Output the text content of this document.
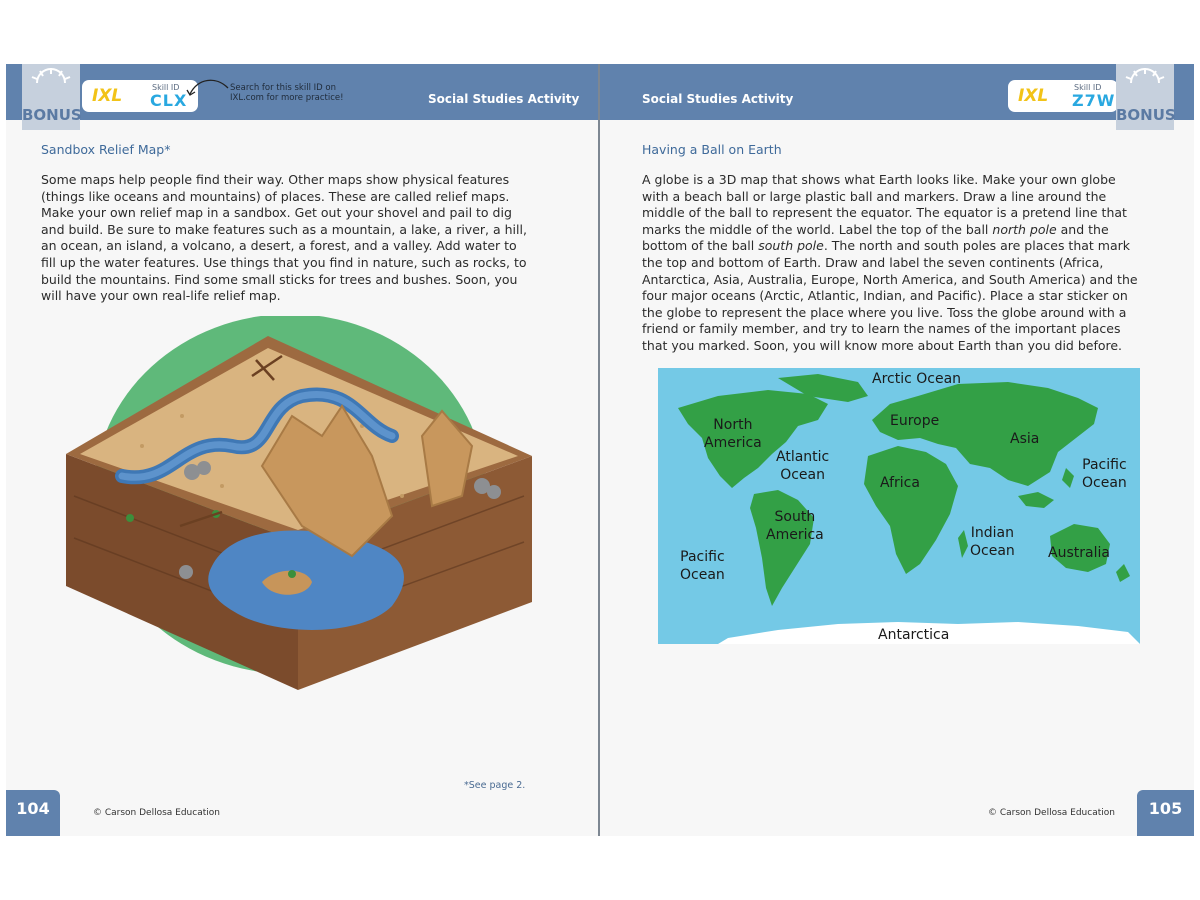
BONUS
IXL	Skill ID
CLX
Search for this skill ID on
IXL.com for more practice!	Social Studies Activity
Sandbox Relief Map*
Some maps help people find their way. Other maps show physical features (things like oceans and mountains) of places. These are called relief maps. Make your own relief map in a sandbox. Get out your shovel and pail to dig and build. Be sure to make features such as a mountain, a lake, a river, a hill, an ocean, an island, a volcano, a desert, a forest, and a valley. Add water to fill up the water features. Use things that you find in nature, such as rocks, to build the mountains. Find some small sticks for trees and bushes. Soon, you will have your own real-life relief map.
*See page 2.
104	© Carson Dellosa Education
Social Studies Activity	IXL	Skill ID
Z7W
BONUS
Having a Ball on Earth
A globe is a 3D map that shows what Earth looks like. Make your own globe with a beach ball or large plastic ball and markers. Draw a line around the middle of the ball to represent the equator. The equator is a pretend line that marks the middle of the world. Label the top of the ball north pole and the bottom of the ball south pole. The north and south poles are places that mark the top and bottom of Earth. Draw and label the seven continents (Africa, Antarctica, Asia, Australia, Europe, North America, and South America) and the four major oceans (Arctic, Atlantic, Indian, and Pacific). Place a star sticker on the globe to represent the place where you live. Toss the globe around with a friend or family member, and try to learn the names of the important places that you marked. Soon, you will know more about Earth than you did before.
Arctic Ocean
North
America
Europe
Asia
Atlantic
Ocean
Pacific
Ocean
Africa
South
America	Indian
Ocean Australia
Pacific
Ocean
Antarctica
© Carson Dellosa Education	105
